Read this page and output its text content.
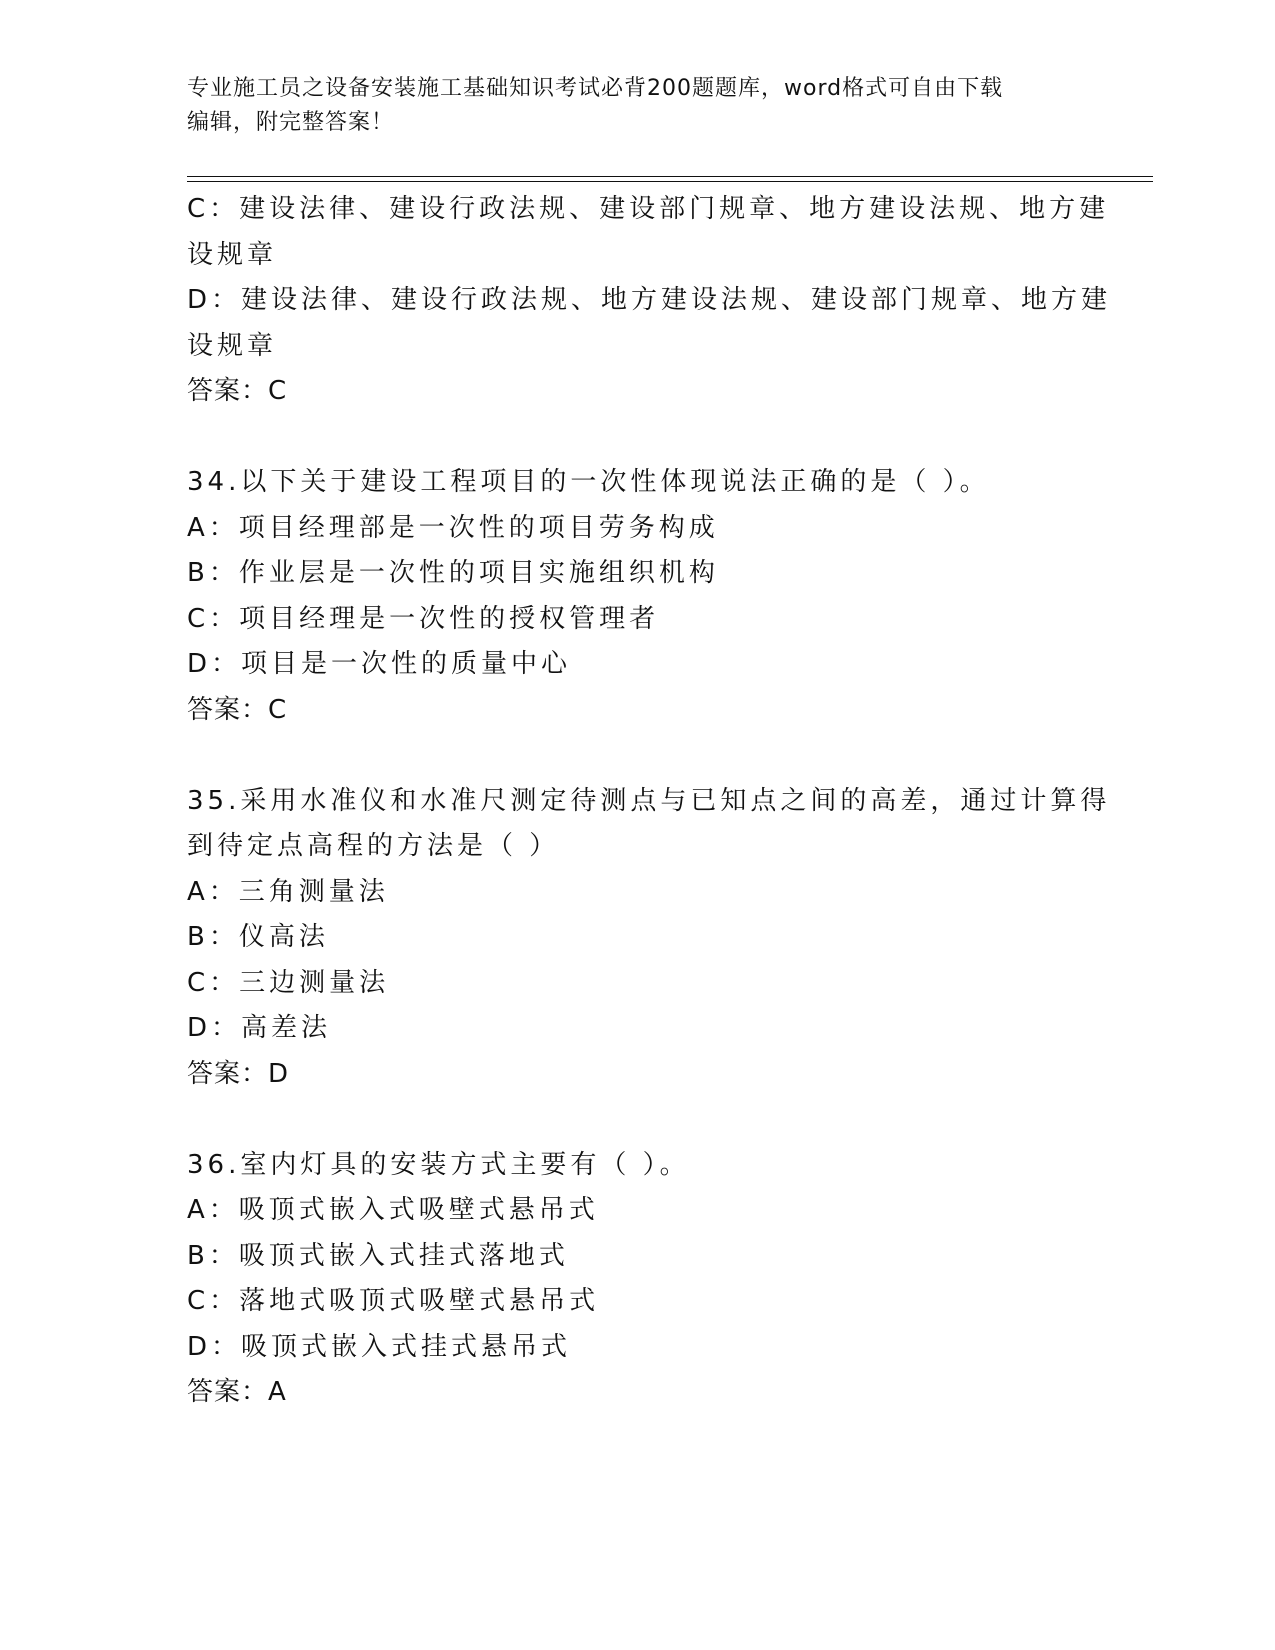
专业施工员之设备安装施工基础知识考试必背200题题库，word格式可自由下载
编辑，附完整答案！
C：建设法律、建设行政法规、建设部门规章、地方建设法规、地方建
设规章
D：建设法律、建设行政法规、地方建设法规、建设部门规章、地方建
设规章
答案：C
34.以下关于建设工程项目的一次性体现说法正确的是（ ）。
A：项目经理部是一次性的项目劳务构成
B：作业层是一次性的项目实施组织机构
C：项目经理是一次性的授权管理者
D：项目是一次性的质量中心
答案：C
35.采用水准仪和水准尺测定待测点与已知点之间的高差，通过计算得
到待定点高程的方法是（ ）
A：三角测量法
B：仪高法
C：三边测量法
D：高差法
答案：D
36.室内灯具的安装方式主要有（ ）。
A：吸顶式嵌入式吸壁式悬吊式
B：吸顶式嵌入式挂式落地式
C：落地式吸顶式吸壁式悬吊式
D：吸顶式嵌入式挂式悬吊式
答案：A
